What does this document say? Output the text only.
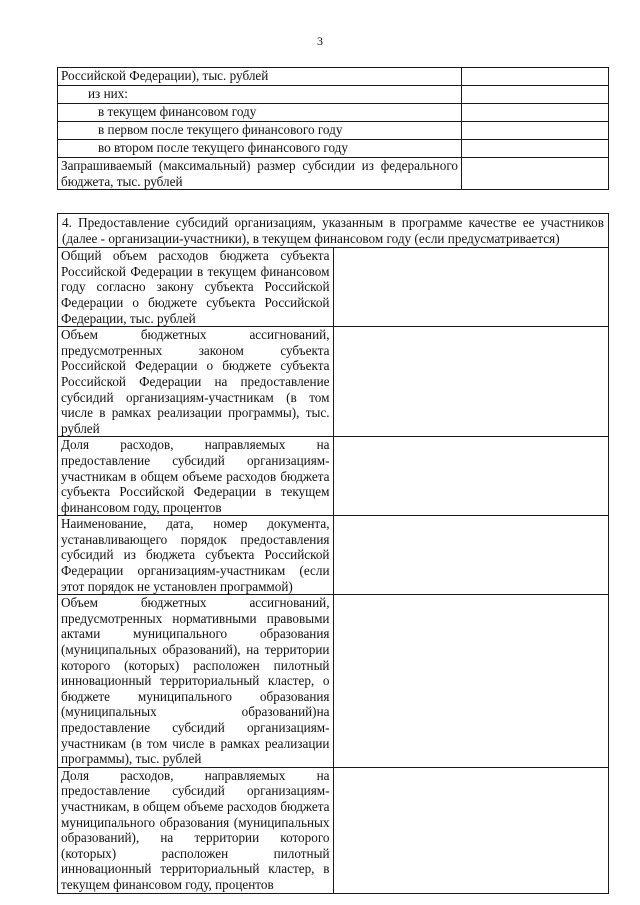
3
Российской Федерации), тыс. рублей	
из них:	
в текущем финансовом году	
в первом после текущего финансового году	
во втором после текущего финансового году	
Запрашиваемый (максимальный) размер субсидии из федерального бюджета, тыс. рублей	
4. Предоставление субсидий организациям, указанным в программе качестве ее участников (далее - организации-участники), в текущем финансовом году (если предусматривается)	
Общий объем расходов бюджета субъекта Российской Федерации в текущем финансовом году согласно закону субъекта Российской Федерации о бюджете субъекта Российской Федерации, тыс. рублей	
Объем бюджетных ассигнований, предусмотренных законом субъекта Российской Федерации о бюджете субъекта Российской Федерации на предоставление субсидий организациям-участникам (в том числе в рамках реализации программы), тыс. рублей	
Доля расходов, направляемых на предоставление субсидий организациям-участникам в общем объеме расходов бюджета субъекта Российской Федерации в текущем финансовом году, процентов	
Наименование, дата, номер документа, устанавливающего порядок предоставления субсидий из бюджета субъекта Российской Федерации организациям-участникам (если этот порядок не установлен программой)	
Объем бюджетных ассигнований, предусмотренных нормативными правовыми актами муниципального образования (муниципальных образований), на территории которого (которых) расположен пилотный инновационный территориальный кластер, о бюджете муниципального образования (муниципальных образований)на предоставление субсидий организациям-участникам (в том числе в рамках реализации программы), тыс. рублей	
Доля расходов, направляемых на предоставление субсидий организациям-участникам, в общем объеме расходов бюджета муниципального образования (муниципальных образований), на территории которого (которых) расположен пилотный инновационный территориальный кластер, в текущем финансовом году, процентов	
